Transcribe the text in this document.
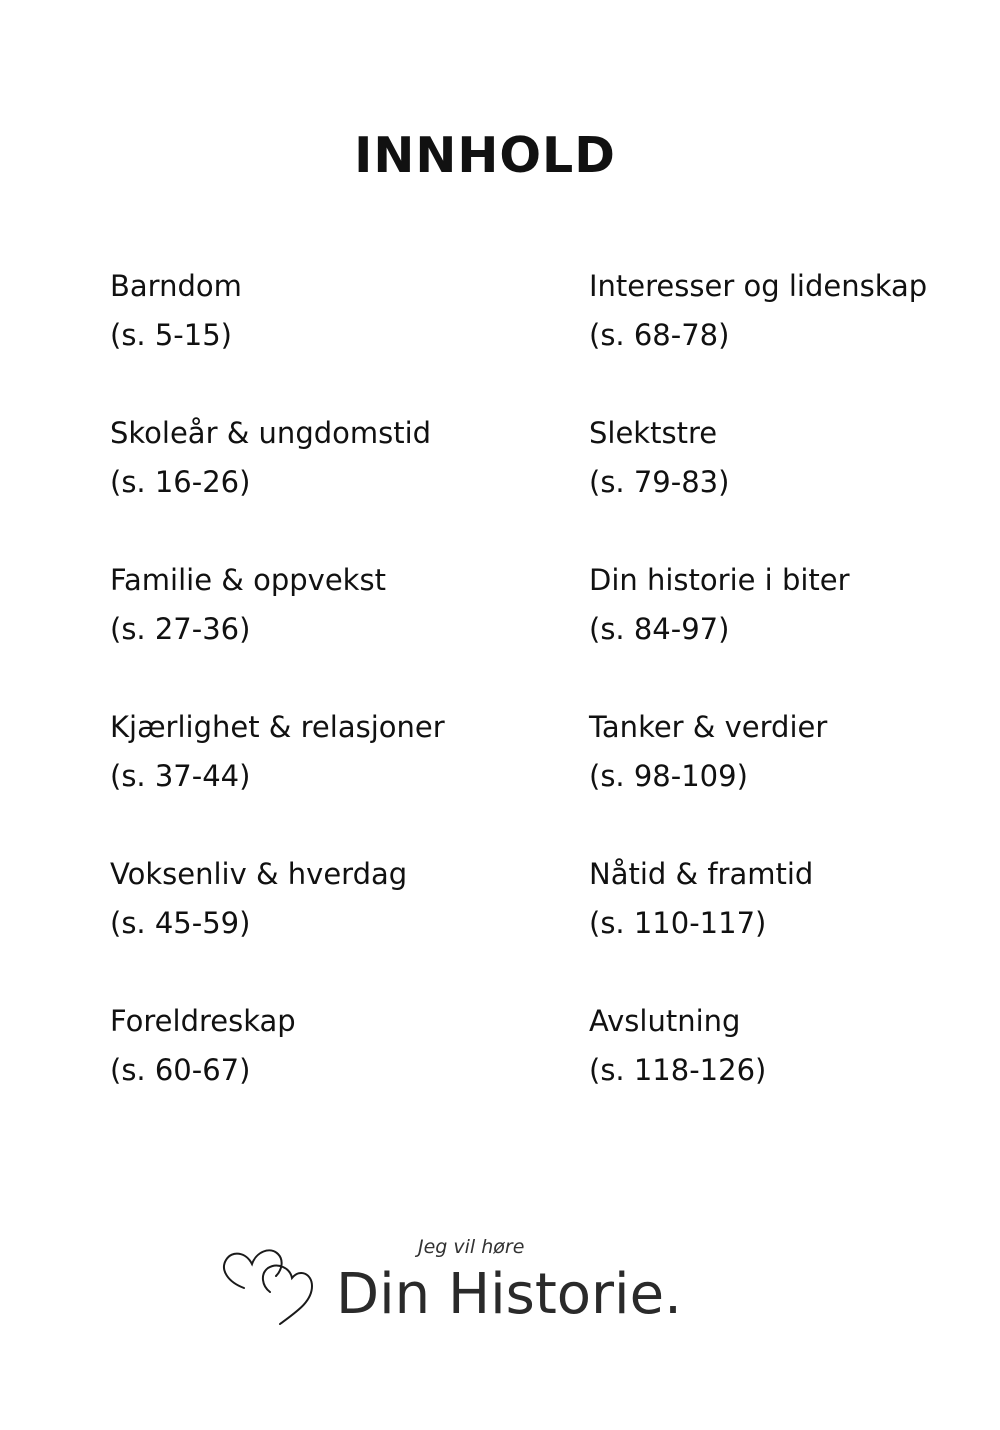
INNHOLD
Barndom
(s. 5-15)
Skoleår & ungdomstid
(s. 16-26)
Familie & oppvekst
(s. 27-36)
Kjærlighet & relasjoner
(s. 37-44)
Voksenliv & hverdag
(s. 45-59)
Foreldreskap
(s. 60-67)
Interesser og lidenskap
(s. 68-78)
Slektstre
(s. 79-83)
Din historie i biter
(s. 84-97)
Tanker & verdier
(s. 98-109)
Nåtid & framtid
(s. 110-117)
Avslutning
(s. 118-126)
Jeg vil høre
Din Historie.
